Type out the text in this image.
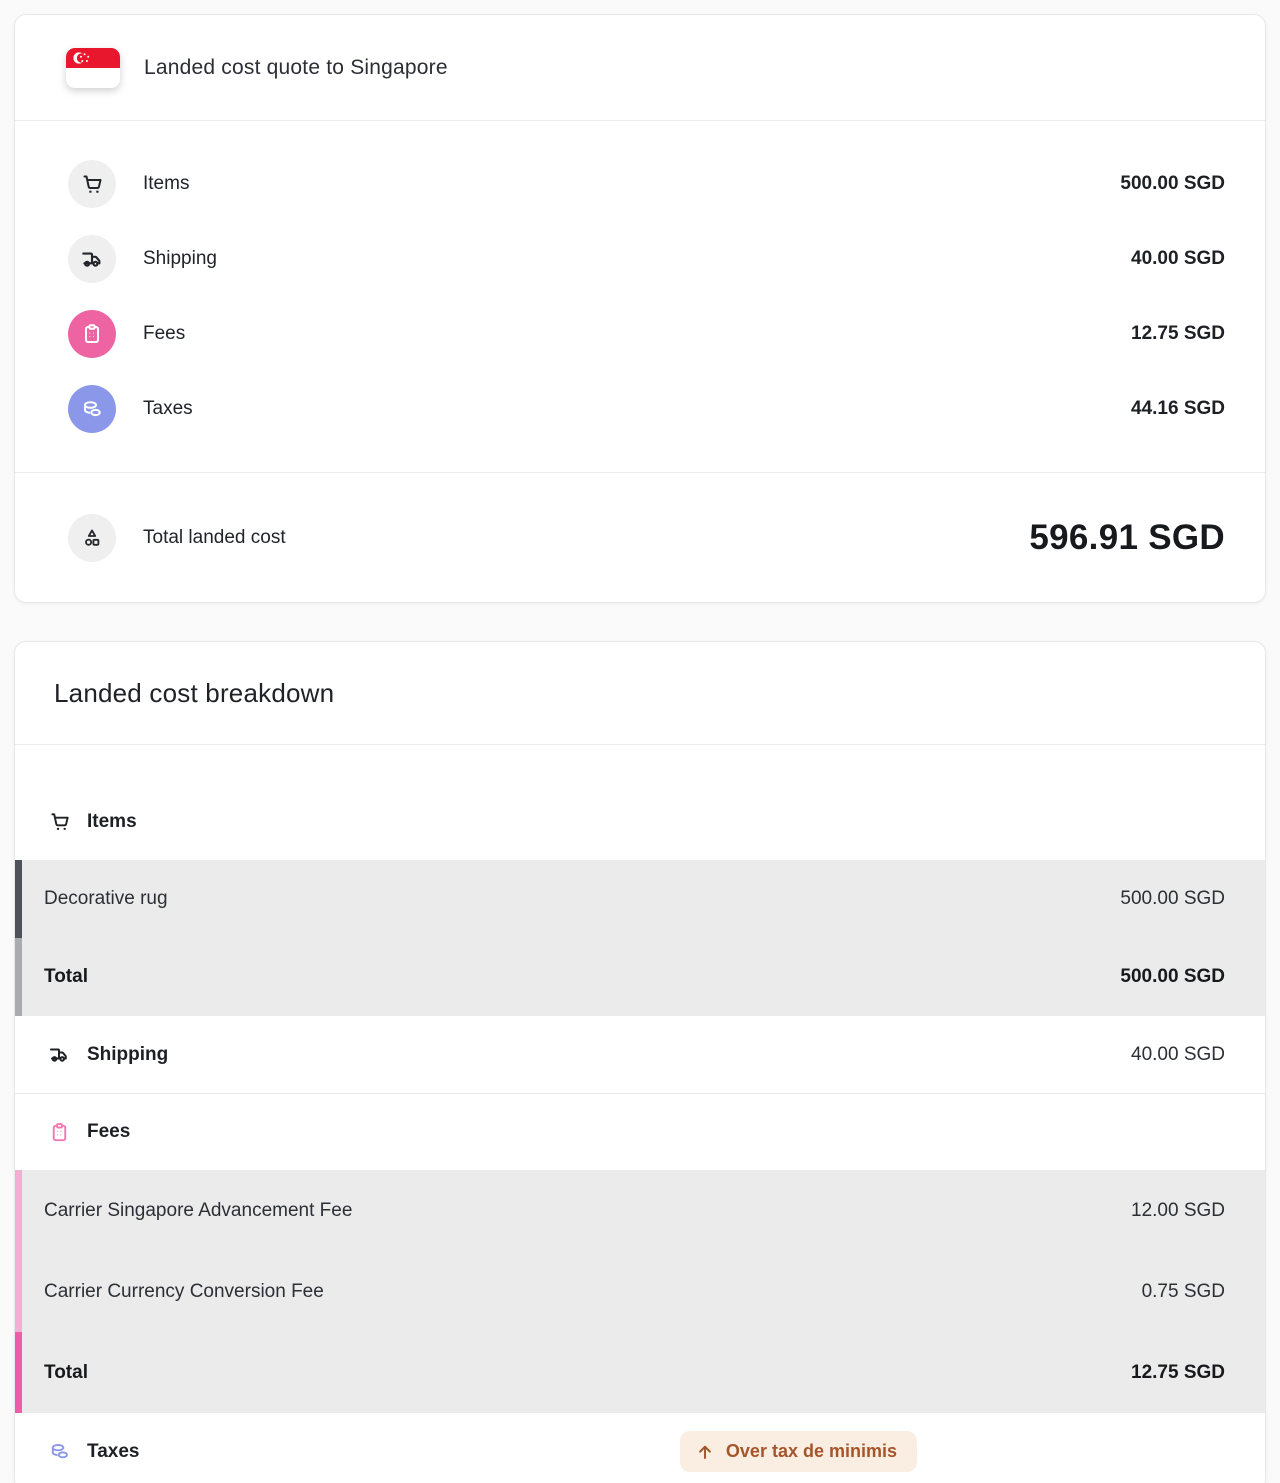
Landed cost quote to Singapore
Items	500.00 SGD
Shipping	40.00 SGD
Fees	12.75 SGD
Taxes	44.16 SGD
Total landed cost	596.91 SGD
Landed cost breakdown
Items
Decorative rug	500.00 SGD
Total	500.00 SGD
Shipping	40.00 SGD
Fees
Carrier Singapore Advancement Fee	12.00 SGD
Carrier Currency Conversion Fee	0.75 SGD
Total	12.75 SGD
Taxes	Over tax de minimis
